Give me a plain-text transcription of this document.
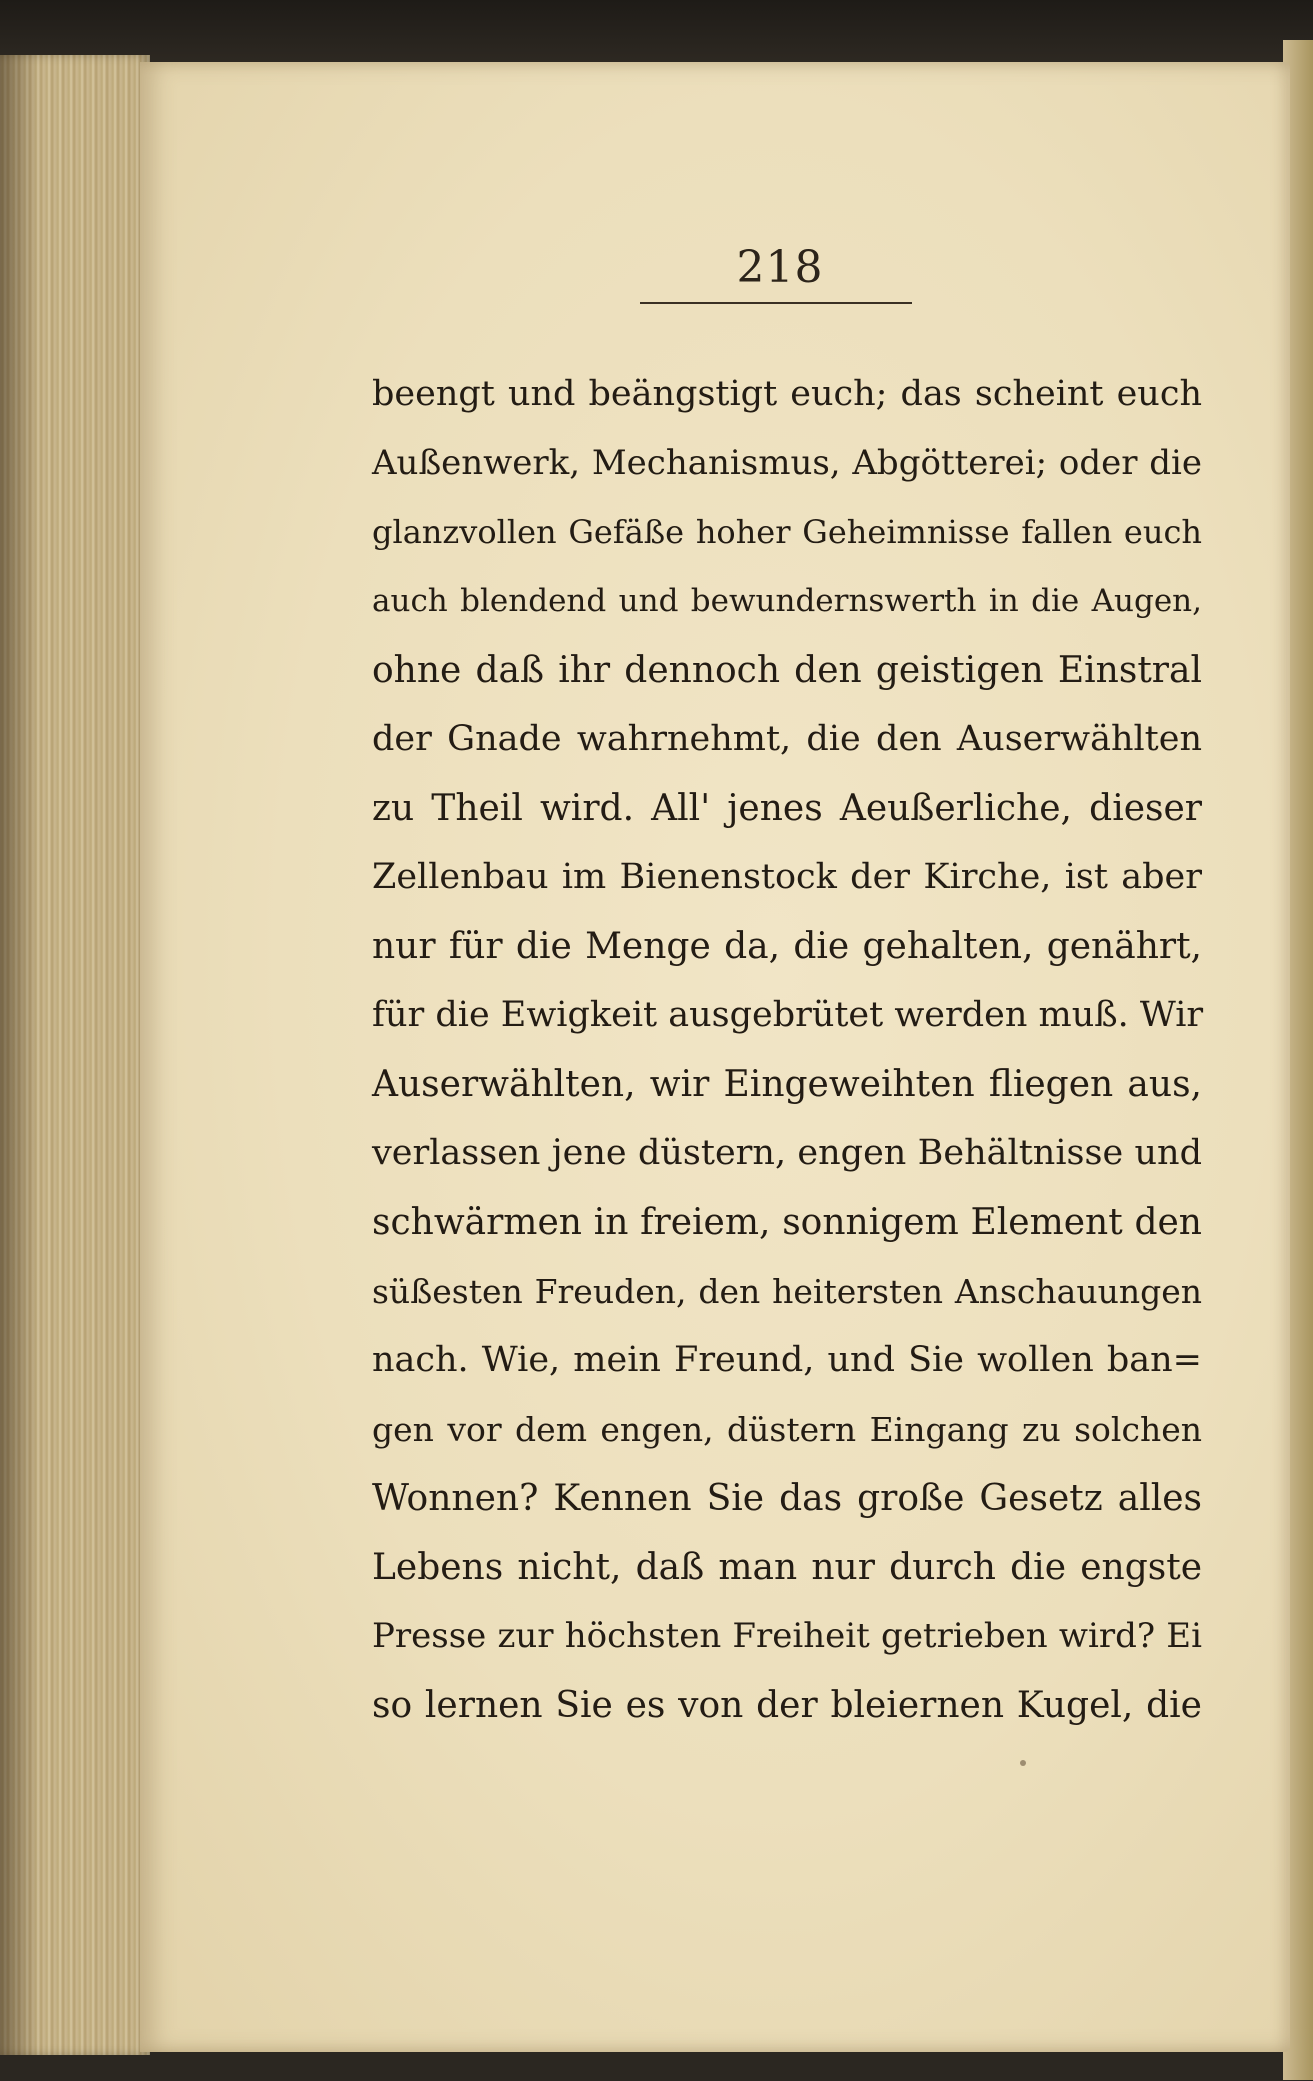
218
beengt und beängstigt euch; das scheint euch
Außenwerk, Mechanismus, Abgötterei; oder die
glanzvollen Gefäße hoher Geheimnisse fallen euch
auch blendend und bewundernswerth in die Augen,
ohne daß ihr dennoch den geistigen Einstral
der Gnade wahrnehmt, die den Auserwählten
zu Theil wird. All' jenes Aeußerliche, dieser
Zellenbau im Bienenstock der Kirche, ist aber
nur für die Menge da, die gehalten, genährt,
für die Ewigkeit ausgebrütet werden muß. Wir
Auserwählten, wir Eingeweihten fliegen aus,
verlassen jene düstern, engen Behältnisse und
schwärmen in freiem, sonnigem Element den
süßesten Freuden, den heitersten Anschauungen
nach. Wie, mein Freund, und Sie wollen ban=
gen vor dem engen, düstern Eingang zu solchen
Wonnen? Kennen Sie das große Gesetz alles
Lebens nicht, daß man nur durch die engste
Presse zur höchsten Freiheit getrieben wird? Ei
so lernen Sie es von der bleiernen Kugel, die
